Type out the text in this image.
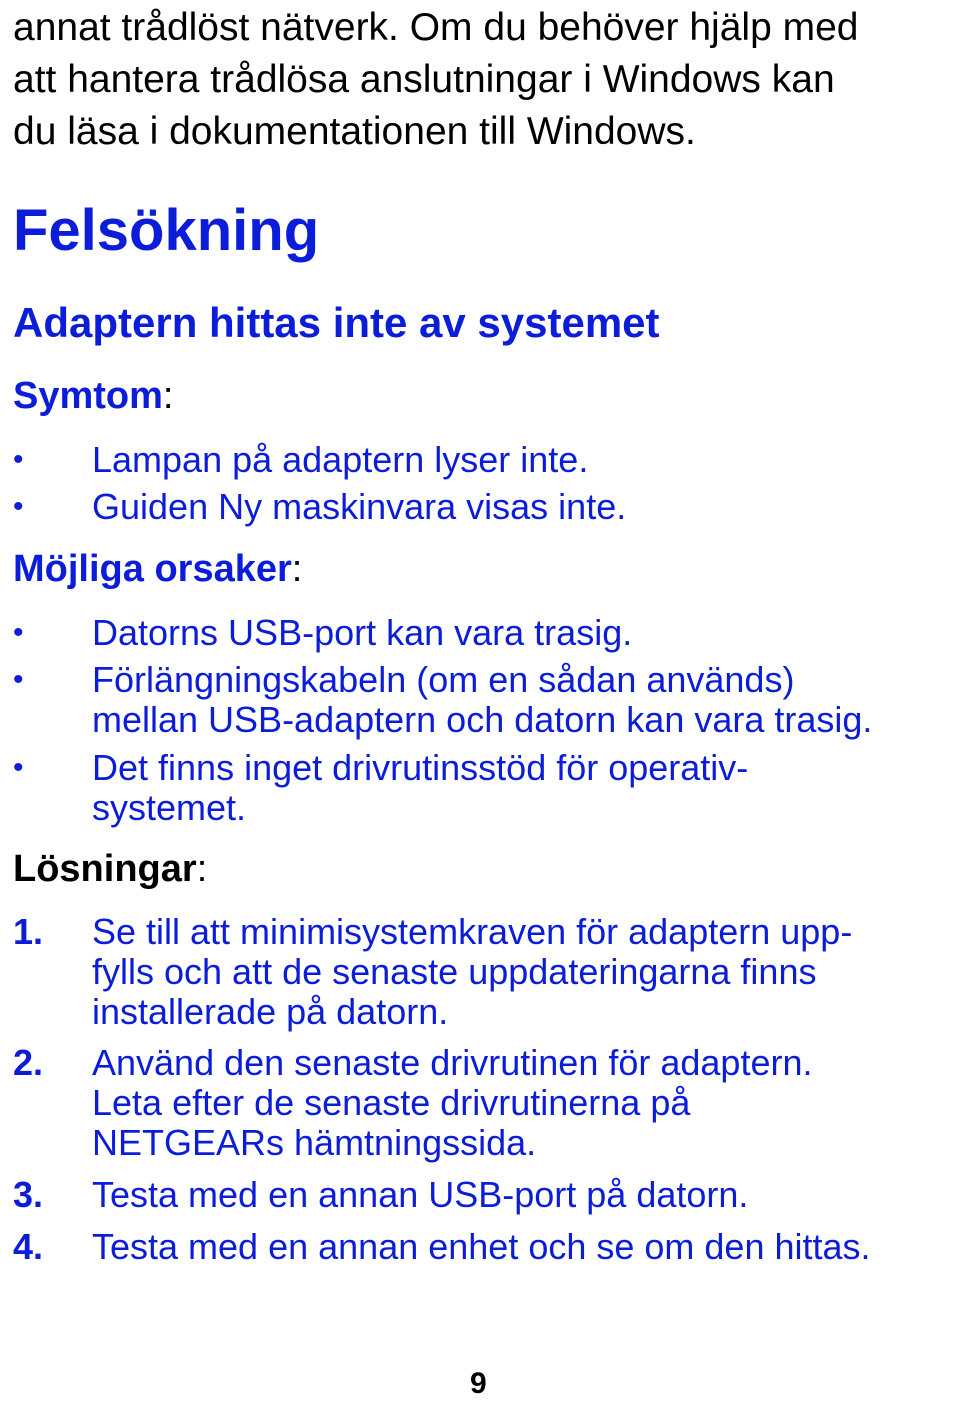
annat trådlöst nätverk. Om du behöver hjälp med
att hantera trådlösa anslutningar i Windows kan
du läsa i dokumentationen till Windows.
Felsökning
Adaptern hittas inte av systemet
Symtom:
•	Lampan på adaptern lyser inte.
•	Guiden Ny maskinvara visas inte.
Möjliga orsaker:
•	Datorns USB-port kan vara trasig.
•	Förlängningskabeln (om en sådan används)
mellan USB-adaptern och datorn kan vara trasig.
•	Det finns inget drivrutinsstöd för operativ-
systemet.
Lösningar:
1.	Se till att minimisystemkraven för adaptern upp-
fylls och att de senaste uppdateringarna finns
installerade på datorn.
2.	Använd den senaste drivrutinen för adaptern.
Leta efter de senaste drivrutinerna på
NETGEARs hämtningssida.
3.	Testa med en annan USB-port på datorn.
4.	Testa med en annan enhet och se om den hittas.
9
